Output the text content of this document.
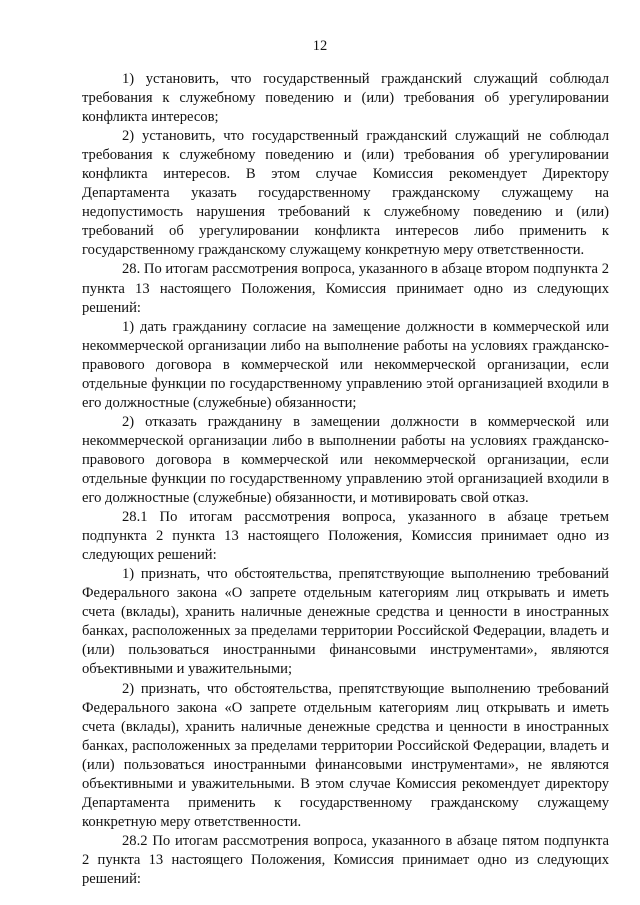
12

1) установить, что государственный гражданский служащий соблюдал требования к служебному поведению и (или) требования об урегулировании конфликта интересов;

2) установить, что государственный гражданский служащий не соблюдал требования к служебному поведению и (или) требования об урегулировании конфликта интересов. В этом случае Комиссия рекомендует Директору Департамента указать государственному гражданскому служащему на недопустимость нарушения требований к служебному поведению и (или) требований об урегулировании конфликта интересов либо применить к государственному гражданскому служащему конкретную меру ответственности.

28. По итогам рассмотрения вопроса, указанного в абзаце втором подпункта 2 пункта 13 настоящего Положения, Комиссия принимает одно из следующих решений:

1) дать гражданину согласие на замещение должности в коммерческой или некоммерческой организации либо на выполнение работы на условиях гражданско-правового договора в коммерческой или некоммерческой организации, если отдельные функции по государственному управлению этой организацией входили в его должностные (служебные) обязанности;

2) отказать гражданину в замещении должности в коммерческой или некоммерческой организации либо в выполнении работы на условиях гражданско-правового договора в коммерческой или некоммерческой организации, если отдельные функции по государственному управлению этой организацией входили в его должностные (служебные) обязанности, и мотивировать свой отказ.

28.1 По итогам рассмотрения вопроса, указанного в абзаце третьем подпункта 2 пункта 13 настоящего Положения, Комиссия принимает одно из следующих решений:

1) признать, что обстоятельства, препятствующие выполнению требований Федерального закона «О запрете отдельным категориям лиц открывать и иметь счета (вклады), хранить наличные денежные средства и ценности в иностранных банках, расположенных за пределами территории Российской Федерации, владеть и (или) пользоваться иностранными финансовыми инструментами», являются объективными и уважительными;

2) признать, что обстоятельства, препятствующие выполнению требований Федерального закона «О запрете отдельным категориям лиц открывать и иметь счета (вклады), хранить наличные денежные средства и ценности в иностранных банках, расположенных за пределами территории Российской Федерации, владеть и (или) пользоваться иностранными финансовыми инструментами», не являются объективными и уважительными. В этом случае Комиссия рекомендует директору Департамента применить к государственному гражданскому служащему конкретную меру ответственности.

28.2 По итогам рассмотрения вопроса, указанного в абзаце пятом подпункта 2 пункта 13 настоящего Положения, Комиссия принимает одно из следующих решений:
